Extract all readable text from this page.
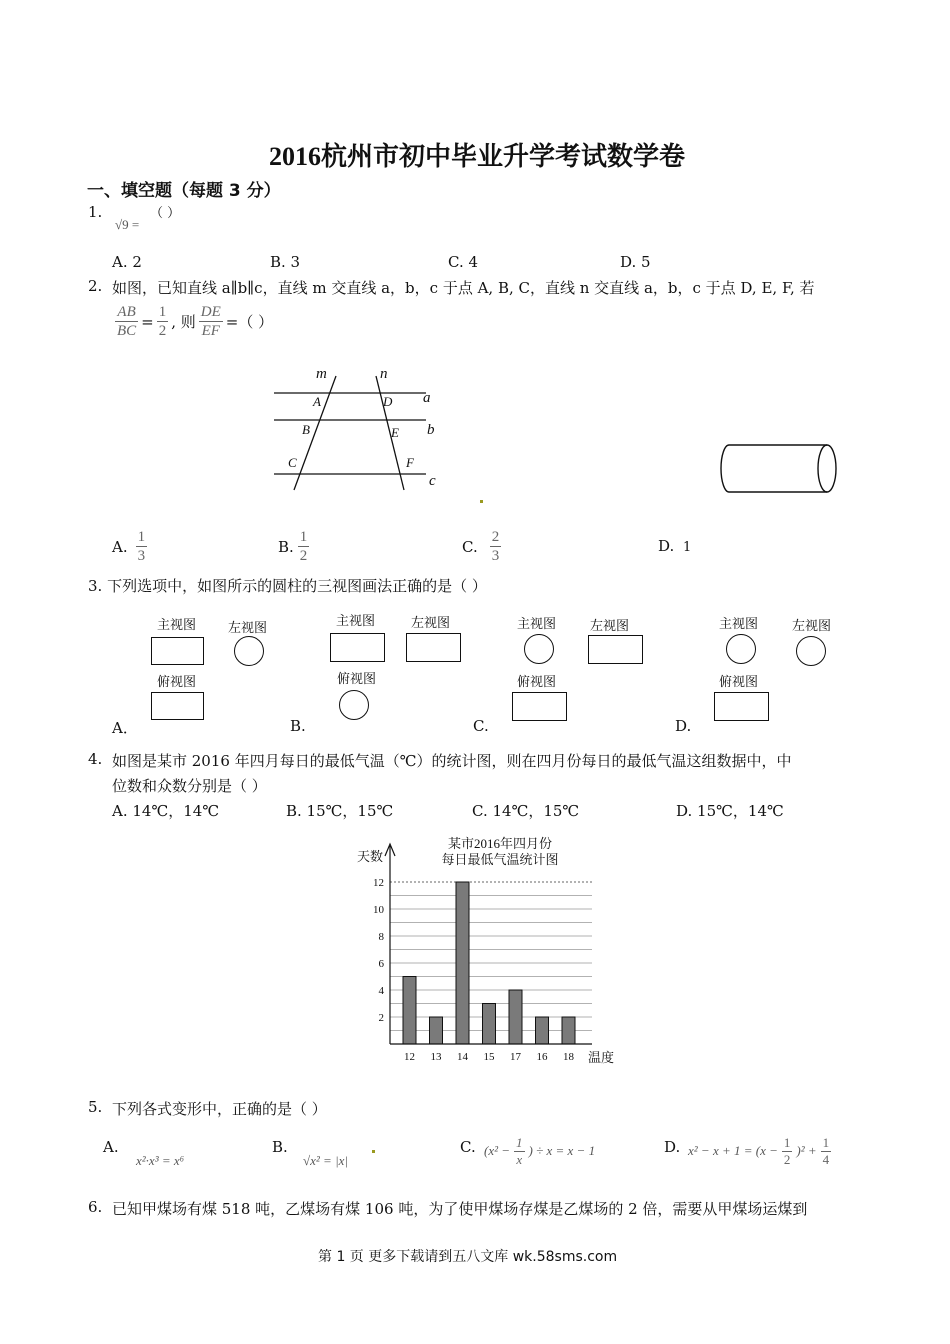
2016杭州市初中毕业升学考试数学卷
一、填空题（每题 3 分）
1.
√9 =
（ ）
A. 2	B. 3	C. 4	D. 5
2. 如图，已知直线 a∥b∥c，直线 m 交直线 a，b，c 于点 A, B, C，直线 n 交直线 a，b，c 于点 D, E, F, 若
$\frac{AB}{BC} = \frac{1}{2}$ , 则 $\frac{DE}{EF}$ =（ ）
m	n
a
b
c
A	D
B	E
C	F
A. $\frac{1}{3}$	B. $\frac{1}{2}$	C. $\frac{2}{3}$	D. 1
3. 下列选项中，如图所示的圆柱的三视图画法正确的是（ ）
主视图 左视图
俯视图
A．
主视图	左视图
俯视图
B.
主视图	左视图
俯视图
C.
主视图	左视图
俯视图
D.
4. 如图是某市 2016 年四月每日的最低气温（℃）的统计图，则在四月份每日的最低气温这组数据中，中
位数和众数分别是（ ）
A. 14℃，14℃	B. 15℃，15℃	C. 14℃，15℃	D. 15℃，14℃
某市2016年四月份
每日最低气温统计图
天数
温度
2
4
6
8
10
12
12 13 14 15 17 16 18
5. 下列各式变形中，正确的是（ ）
A.
x²·x³ = x⁶
B.
√x² = |x|
C. ($x^2 - \frac{1}{x}$ ) ÷ x = x − 1	D. $x^2 - x + 1 = (x - \frac{1}{2} )^2 + \frac{1}{4}$
6. 已知甲煤场有煤 518 吨，乙煤场有煤 106 吨，为了使甲煤场存煤是乙煤场的 2 倍，需要从甲煤场运煤到
第 1 页 更多下载请到五八文库 wk.58sms.com
